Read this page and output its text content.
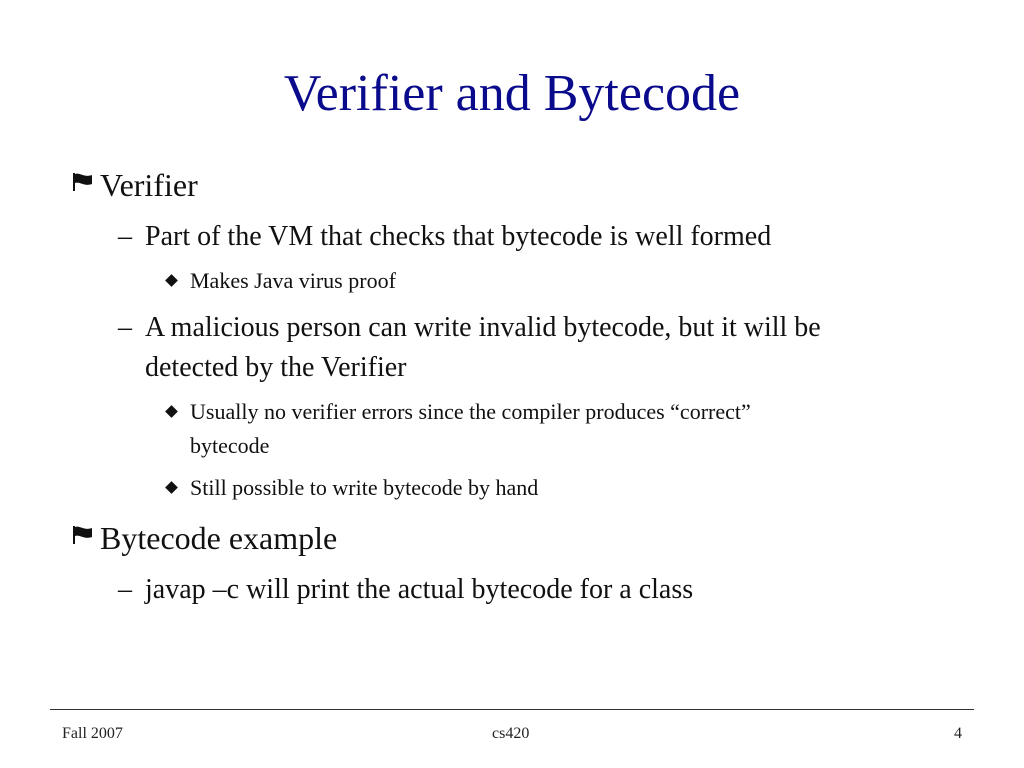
Verifier and Bytecode
Verifier
– Part of the VM that checks that bytecode is well formed
Makes Java virus proof
– A malicious person can write invalid bytecode, but it will be
detected by the Verifier
Usually no verifier errors since the compiler produces “correct”
bytecode
Still possible to write bytecode by hand
Bytecode example
– javap –c will print the actual bytecode for a class
Fall 2007	cs420	4
